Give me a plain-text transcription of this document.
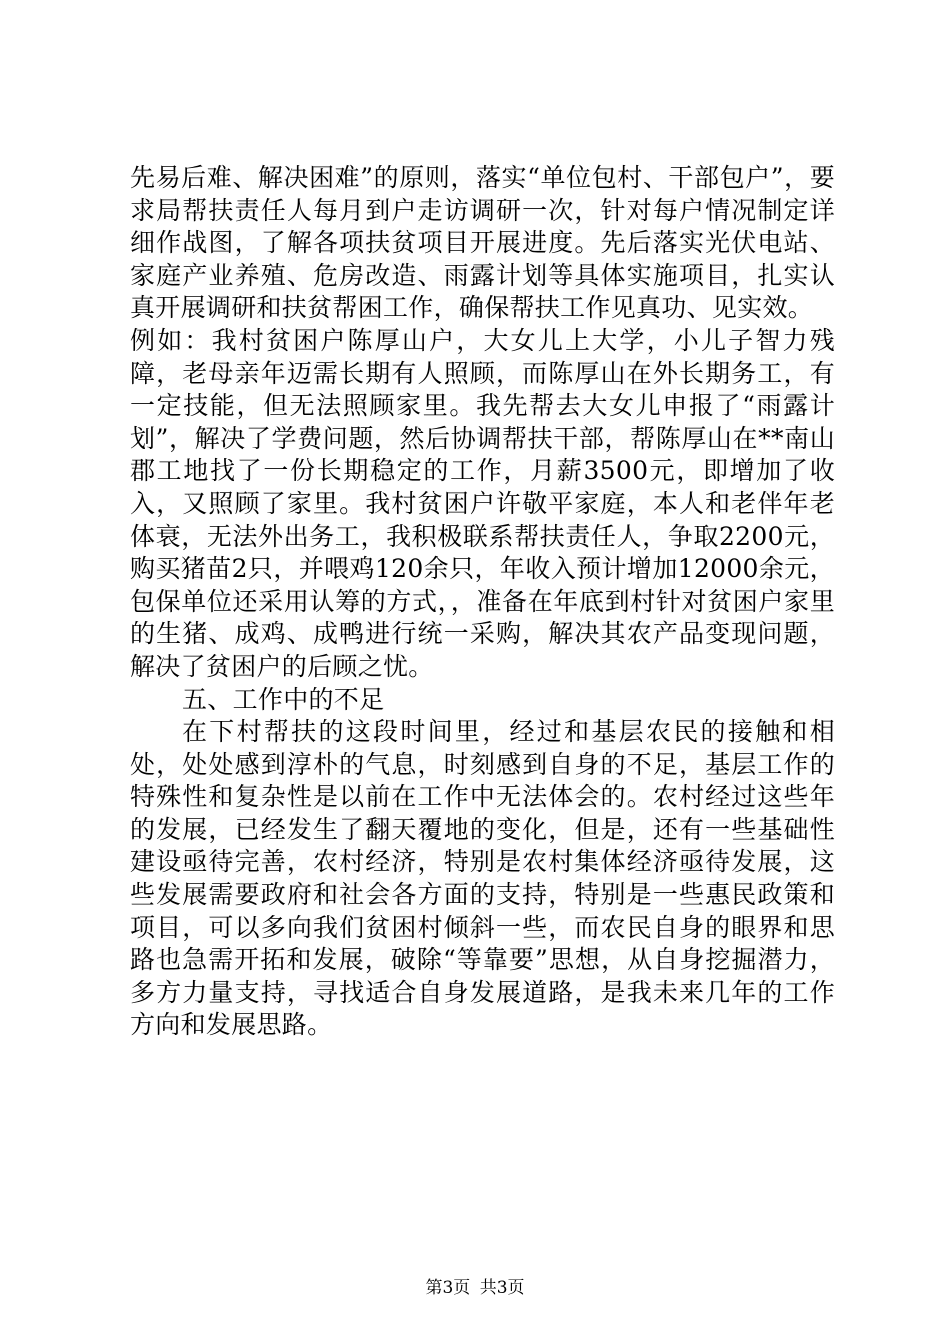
先易后难、解决困难”的原则，落实“单位包村、干部包户”，要求局帮扶责任人每月到户走访调研一次，针对每户情况制定详细作战图，了解各项扶贫项目开展进度。先后落实光伏电站、家庭产业养殖、危房改造、雨露计划等具体实施项目，扎实认真开展调研和扶贫帮困工作，确保帮扶工作见真功、见实效。

例如：我村贫困户陈厚山户，大女儿上大学，小儿子智力残障，老母亲年迈需长期有人照顾，而陈厚山在外长期务工，有一定技能，但无法照顾家里。我先帮去大女儿申报了“雨露计划”，解决了学费问题，然后协调帮扶干部，帮陈厚山在**南山郡工地找了一份长期稳定的工作，月薪3500元，即增加了收入，又照顾了家里。我村贫困户许敬平家庭，本人和老伴年老体衰，无法外出务工，我积极联系帮扶责任人，争取2200元，购买猪苗2只，并喂鸡120余只，年收入预计增加12000余元，包保单位还采用认筹的方式，，准备在年底到村针对贫困户家里的生猪、成鸡、成鸭进行统一采购，解决其农产品变现问题，解决了贫困户的后顾之忧。

五、工作中的不足

在下村帮扶的这段时间里，经过和基层农民的接触和相处，处处感到淳朴的气息，时刻感到自身的不足，基层工作的特殊性和复杂性是以前在工作中无法体会的。农村经过这些年的发展，已经发生了翻天覆地的变化，但是，还有一些基础性建设亟待完善，农村经济，特别是农村集体经济亟待发展，这些发展需要政府和社会各方面的支持，特别是一些惠民政策和项目，可以多向我们贫困村倾斜一些，而农民自身的眼界和思路也急需开拓和发展，破除“等靠要”思想，从自身挖掘潜力，多方力量支持，寻找适合自身发展道路，是我未来几年的工作方向和发展思路。

第3页 共3页
